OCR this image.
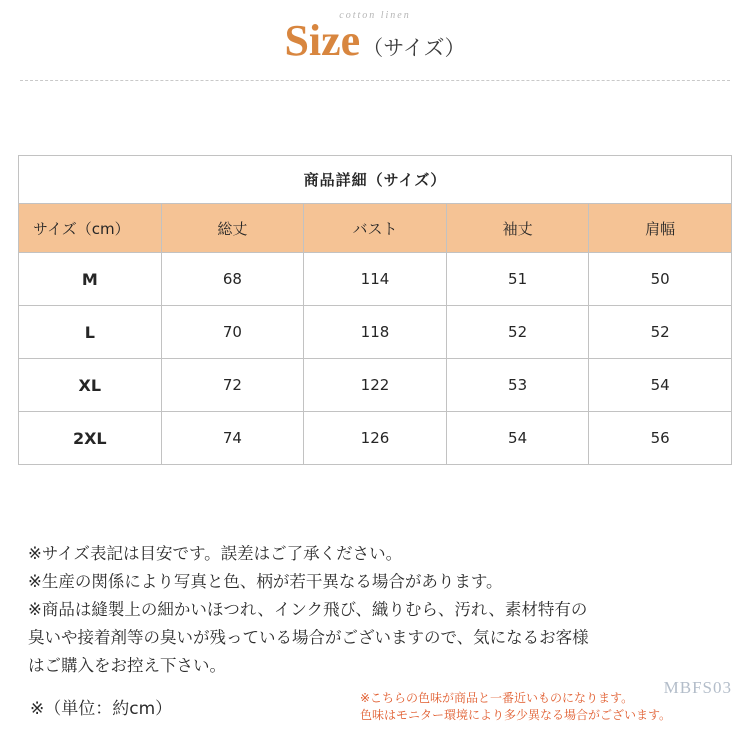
cotton linen
Size （サイズ）
商品詳細（サイズ）				
サイズ（cm）	総丈	バスト	袖丈	肩幅
M	68	114	51	50
L	70	118	52	52
XL	72	122	53	54
2XL	74	126	54	56

※サイズ表記は目安です。誤差はご了承ください。

※生産の関係により写真と色、柄が若干異なる場合があります。

※商品は縫製上の細かいほつれ、インク飛び、織りむら、汚れ、素材特有の

臭いや接着剤等の臭いが残っている場合がございますので、気になるお客様

はご購入をお控え下さい。

※（単位：約cm）
MBFS03
※こちらの色味が商品と一番近いものになります。
色味はモニター環境により多少異なる場合がございます。
